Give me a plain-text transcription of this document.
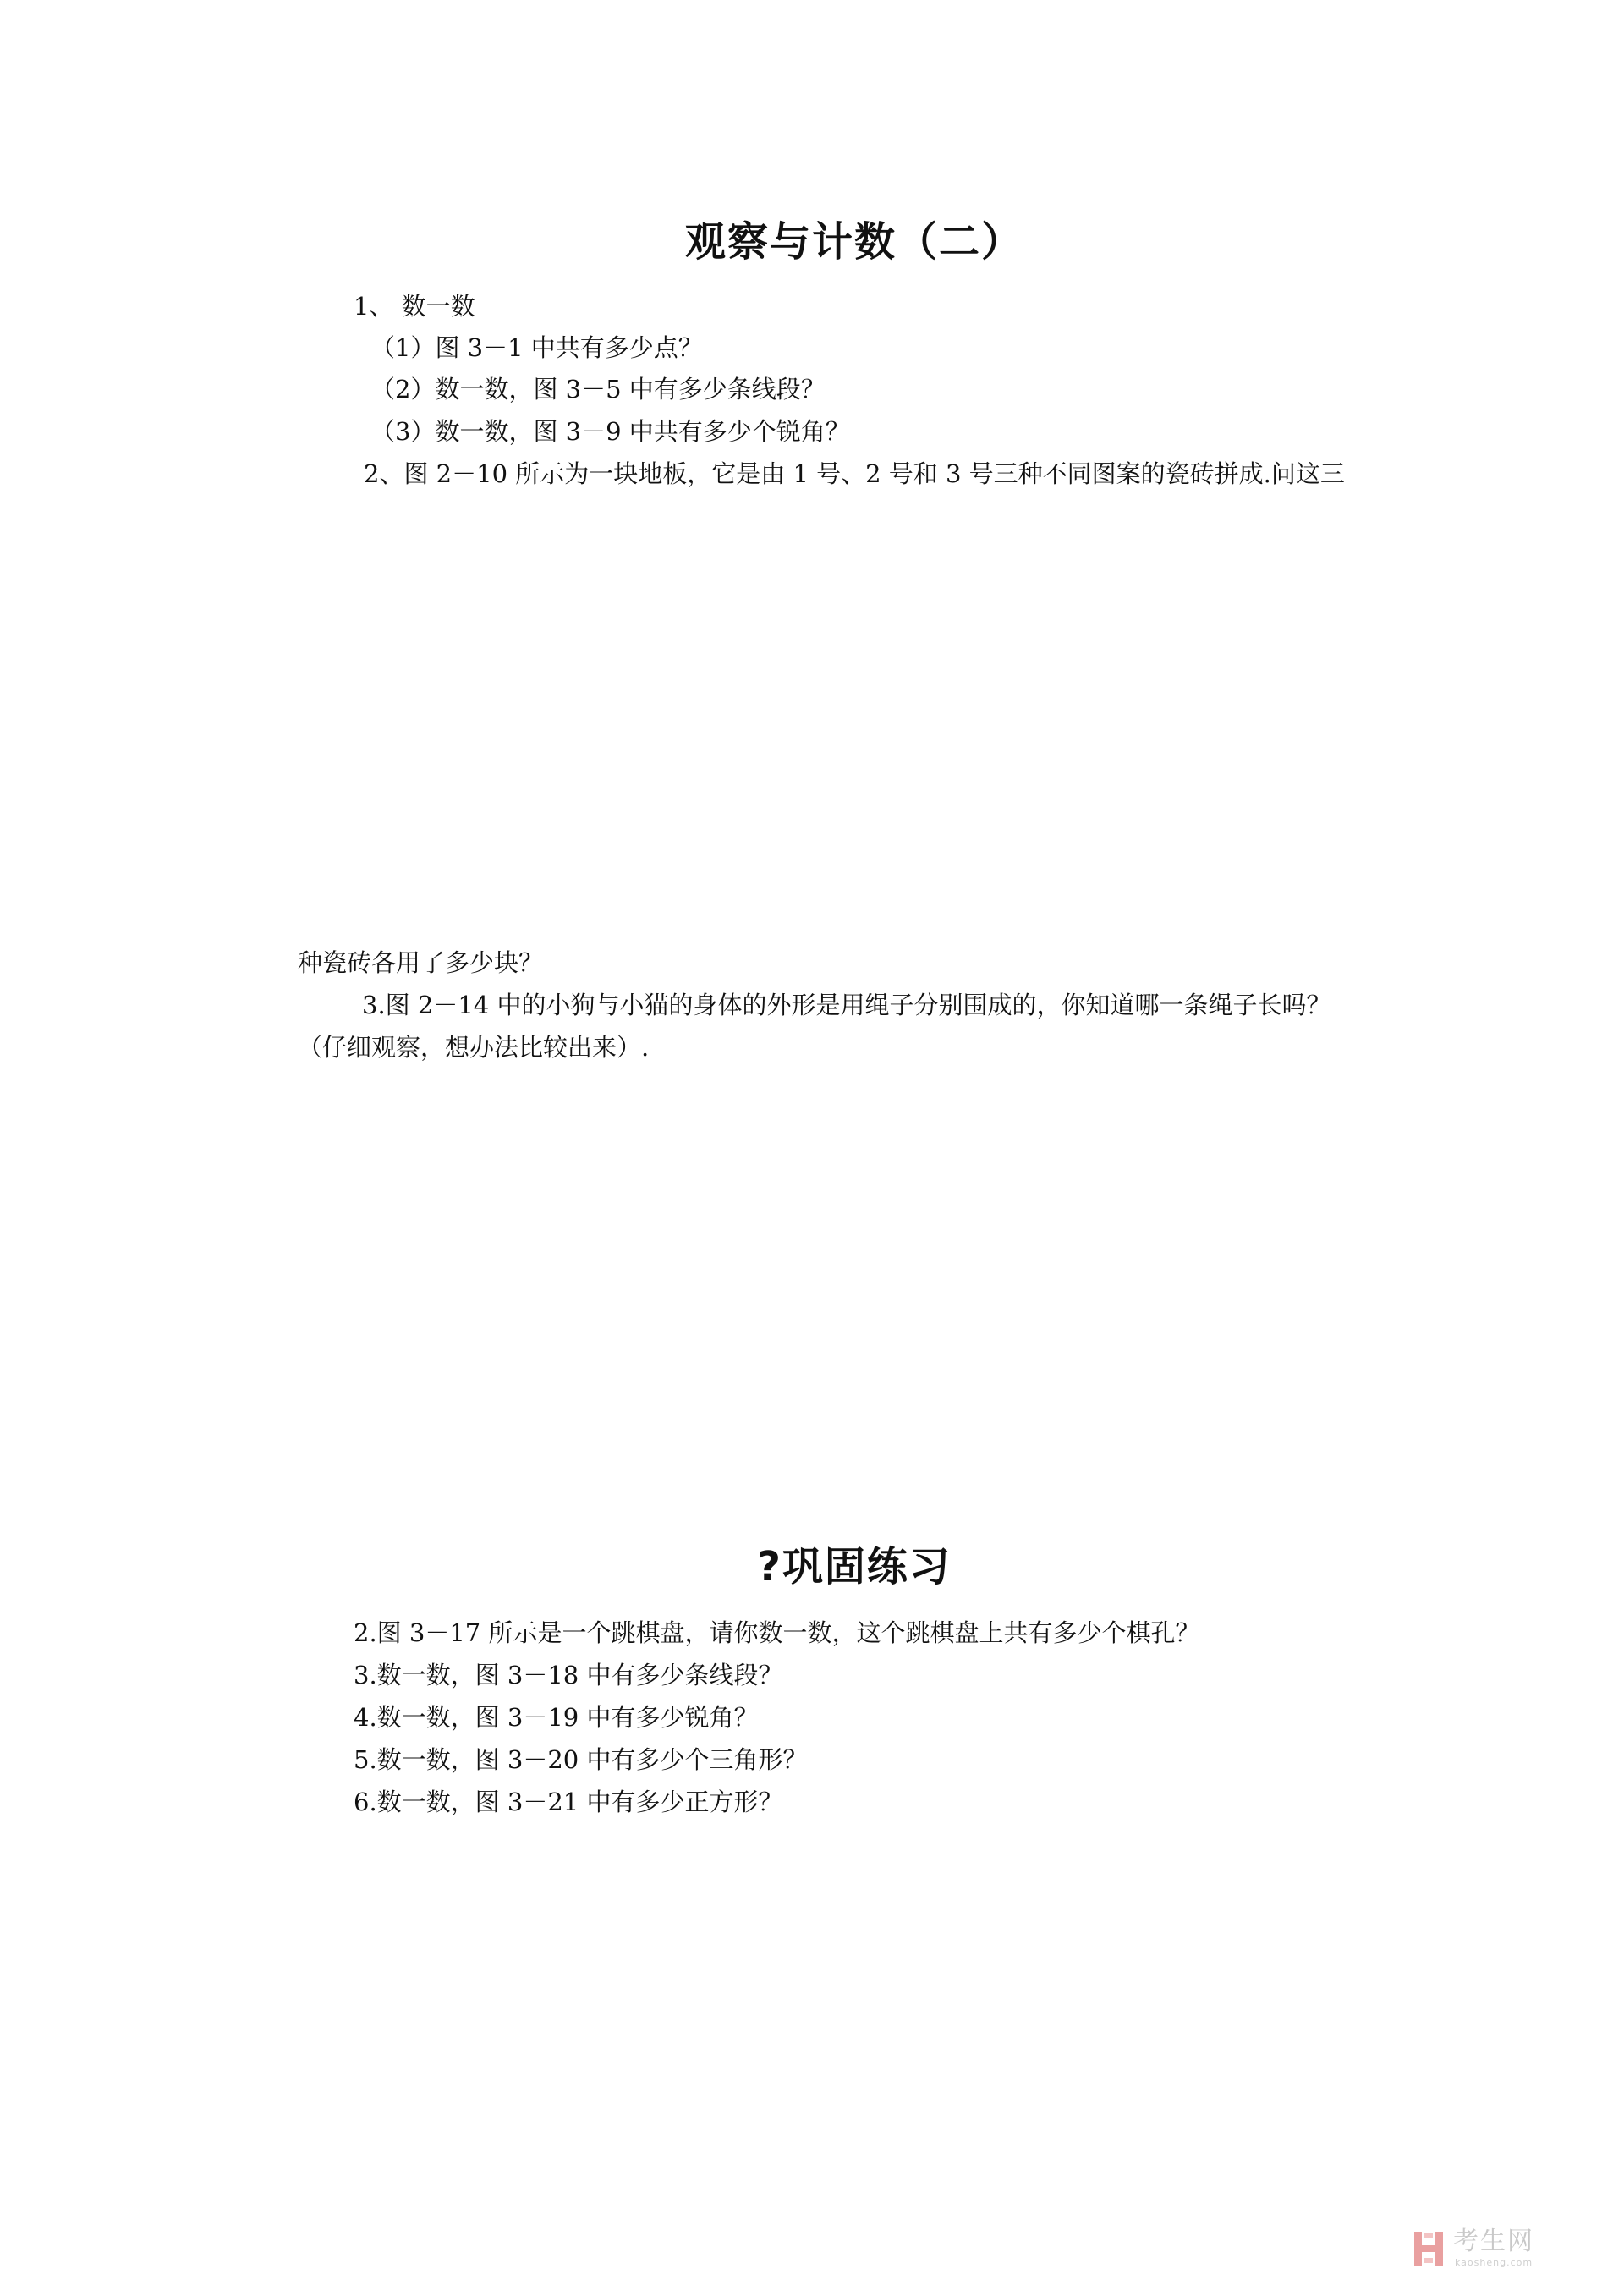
观察与计数（二）

1、 数一数

（1）图 3－1 中共有多少点？

（2）数一数，图 3－5 中有多少条线段？

（3）数一数，图 3－9 中共有多少个锐角？

2、图 2－10 所示为一块地板，它是由 1 号、2 号和 3 号三种不同图案的瓷砖拼成.问这三

种瓷砖各用了多少块？

3.图 2－14 中的小狗与小猫的身体的外形是用绳子分别围成的，你知道哪一条绳子长吗？

（仔细观察，想办法比较出来）.

?巩固练习

2.图 3－17 所示是一个跳棋盘，请你数一数，这个跳棋盘上共有多少个棋孔？

3.数一数，图 3－18 中有多少条线段？

4.数一数，图 3－19 中有多少锐角？

5.数一数，图 3－20 中有多少个三角形？

6.数一数，图 3－21 中有多少正方形？

考生网
kaosheng.com
